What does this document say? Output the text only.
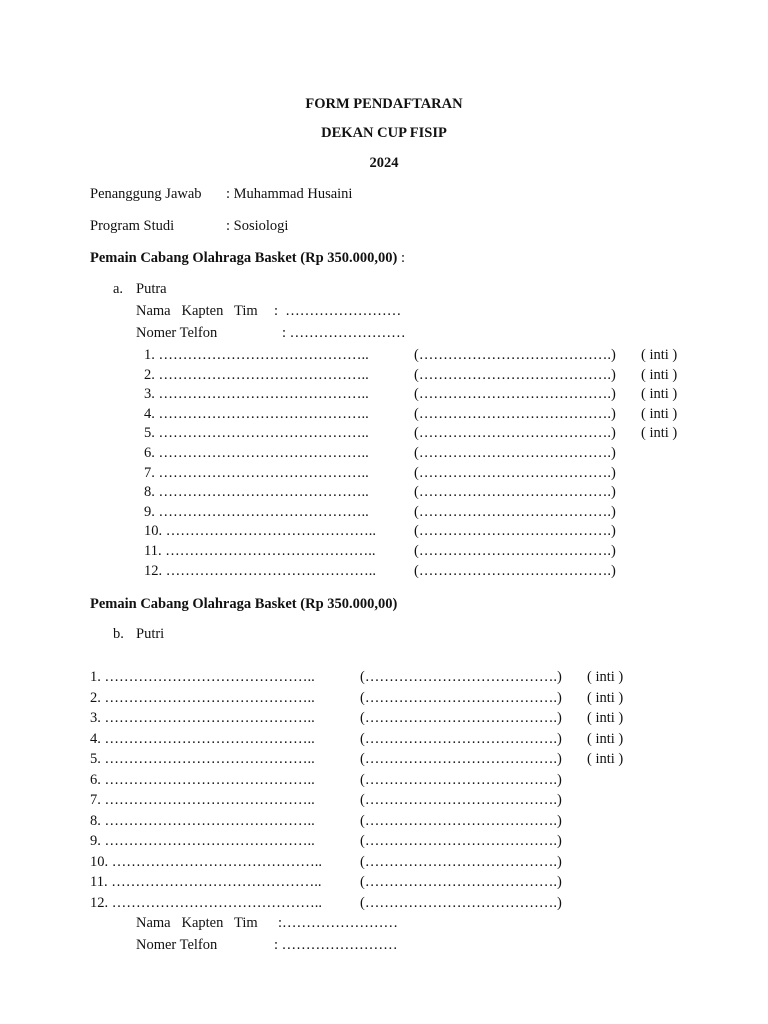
FORM PENDAFTARAN
DEKAN CUP FISIP
2024
Penanggung Jawab : Muhammad Husaini
Program Studi	: Sosiologi
Pemain Cabang Olahraga Basket (Rp 350.000,00) :
a. Putra
Nama   Kapten   Tim :  ……………………
Nomer Telfon	: ……………………
1. ……………………………………..	(………………………………….) ( inti )
2. ……………………………………..	(………………………………….) ( inti )
3. ……………………………………..	(………………………………….) ( inti )
4. ……………………………………..	(………………………………….) ( inti )
5. ……………………………………..	(………………………………….) ( inti )
6. ……………………………………..	(………………………………….)
7. ……………………………………..	(………………………………….)
8. ……………………………………..	(………………………………….)
9. ……………………………………..	(………………………………….)
10. ……………………………………..	(………………………………….)
11. ……………………………………..	(………………………………….)
12. ……………………………………..	(………………………………….)
Pemain Cabang Olahraga Basket (Rp 350.000,00)
b. Putri
1. ……………………………………..	(………………………………….) ( inti )
2. ……………………………………..	(………………………………….) ( inti )
3. ……………………………………..	(………………………………….) ( inti )
4. ……………………………………..	(………………………………….) ( inti )
5. ……………………………………..	(………………………………….) ( inti )
6. ……………………………………..	(………………………………….)
7. ……………………………………..	(………………………………….)
8. ……………………………………..	(………………………………….)
9. ……………………………………..	(………………………………….)
10. ……………………………………..	(………………………………….)
11. ……………………………………..	(………………………………….)
12. ……………………………………..	(………………………………….)
Nama   Kapten   Tim :……………………
Nomer Telfon	: ……………………
